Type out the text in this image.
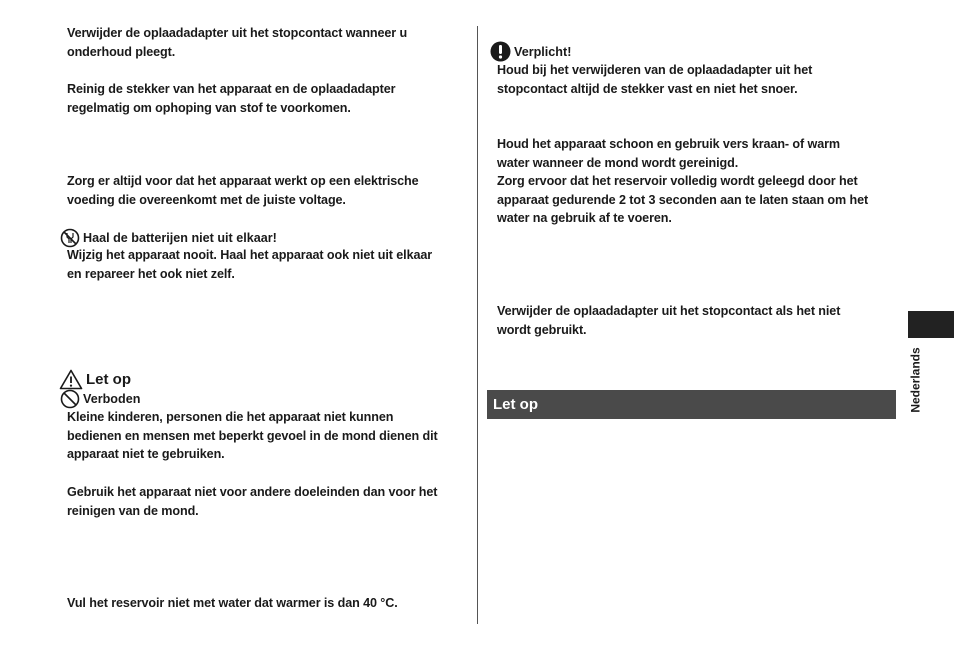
Verwijder de oplaadadapter uit het stopcontact wanneer u
onderhoud pleegt.
Reinig de stekker van het apparaat en de oplaadadapter
regelmatig om ophoping van stof te voorkomen.
Zorg er altijd voor dat het apparaat werkt op een elektrische
voeding die overeenkomt met de juiste voltage.
Haal de batterijen niet uit elkaar!
Wijzig het apparaat nooit. Haal het apparaat ook niet uit elkaar
en repareer het ook niet zelf.
Let op
Verboden
Kleine kinderen, personen die het apparaat niet kunnen
bedienen en mensen met beperkt gevoel in de mond dienen dit
apparaat niet te gebruiken.
Gebruik het apparaat niet voor andere doeleinden dan voor het
reinigen van de mond.
Vul het reservoir niet met water dat warmer is dan 40 °C.
Verplicht!
Houd bij het verwijderen van de oplaadadapter uit het
stopcontact altijd de stekker vast en niet het snoer.
Houd het apparaat schoon en gebruik vers kraan- of warm
water wanneer de mond wordt gereinigd.
Zorg ervoor dat het reservoir volledig wordt geleegd door het
apparaat gedurende 2 tot 3 seconden aan te laten staan om het
water na gebruik af te voeren.
Verwijder de oplaadadapter uit het stopcontact als het niet
wordt gebruikt.
Let op	Nederlands
